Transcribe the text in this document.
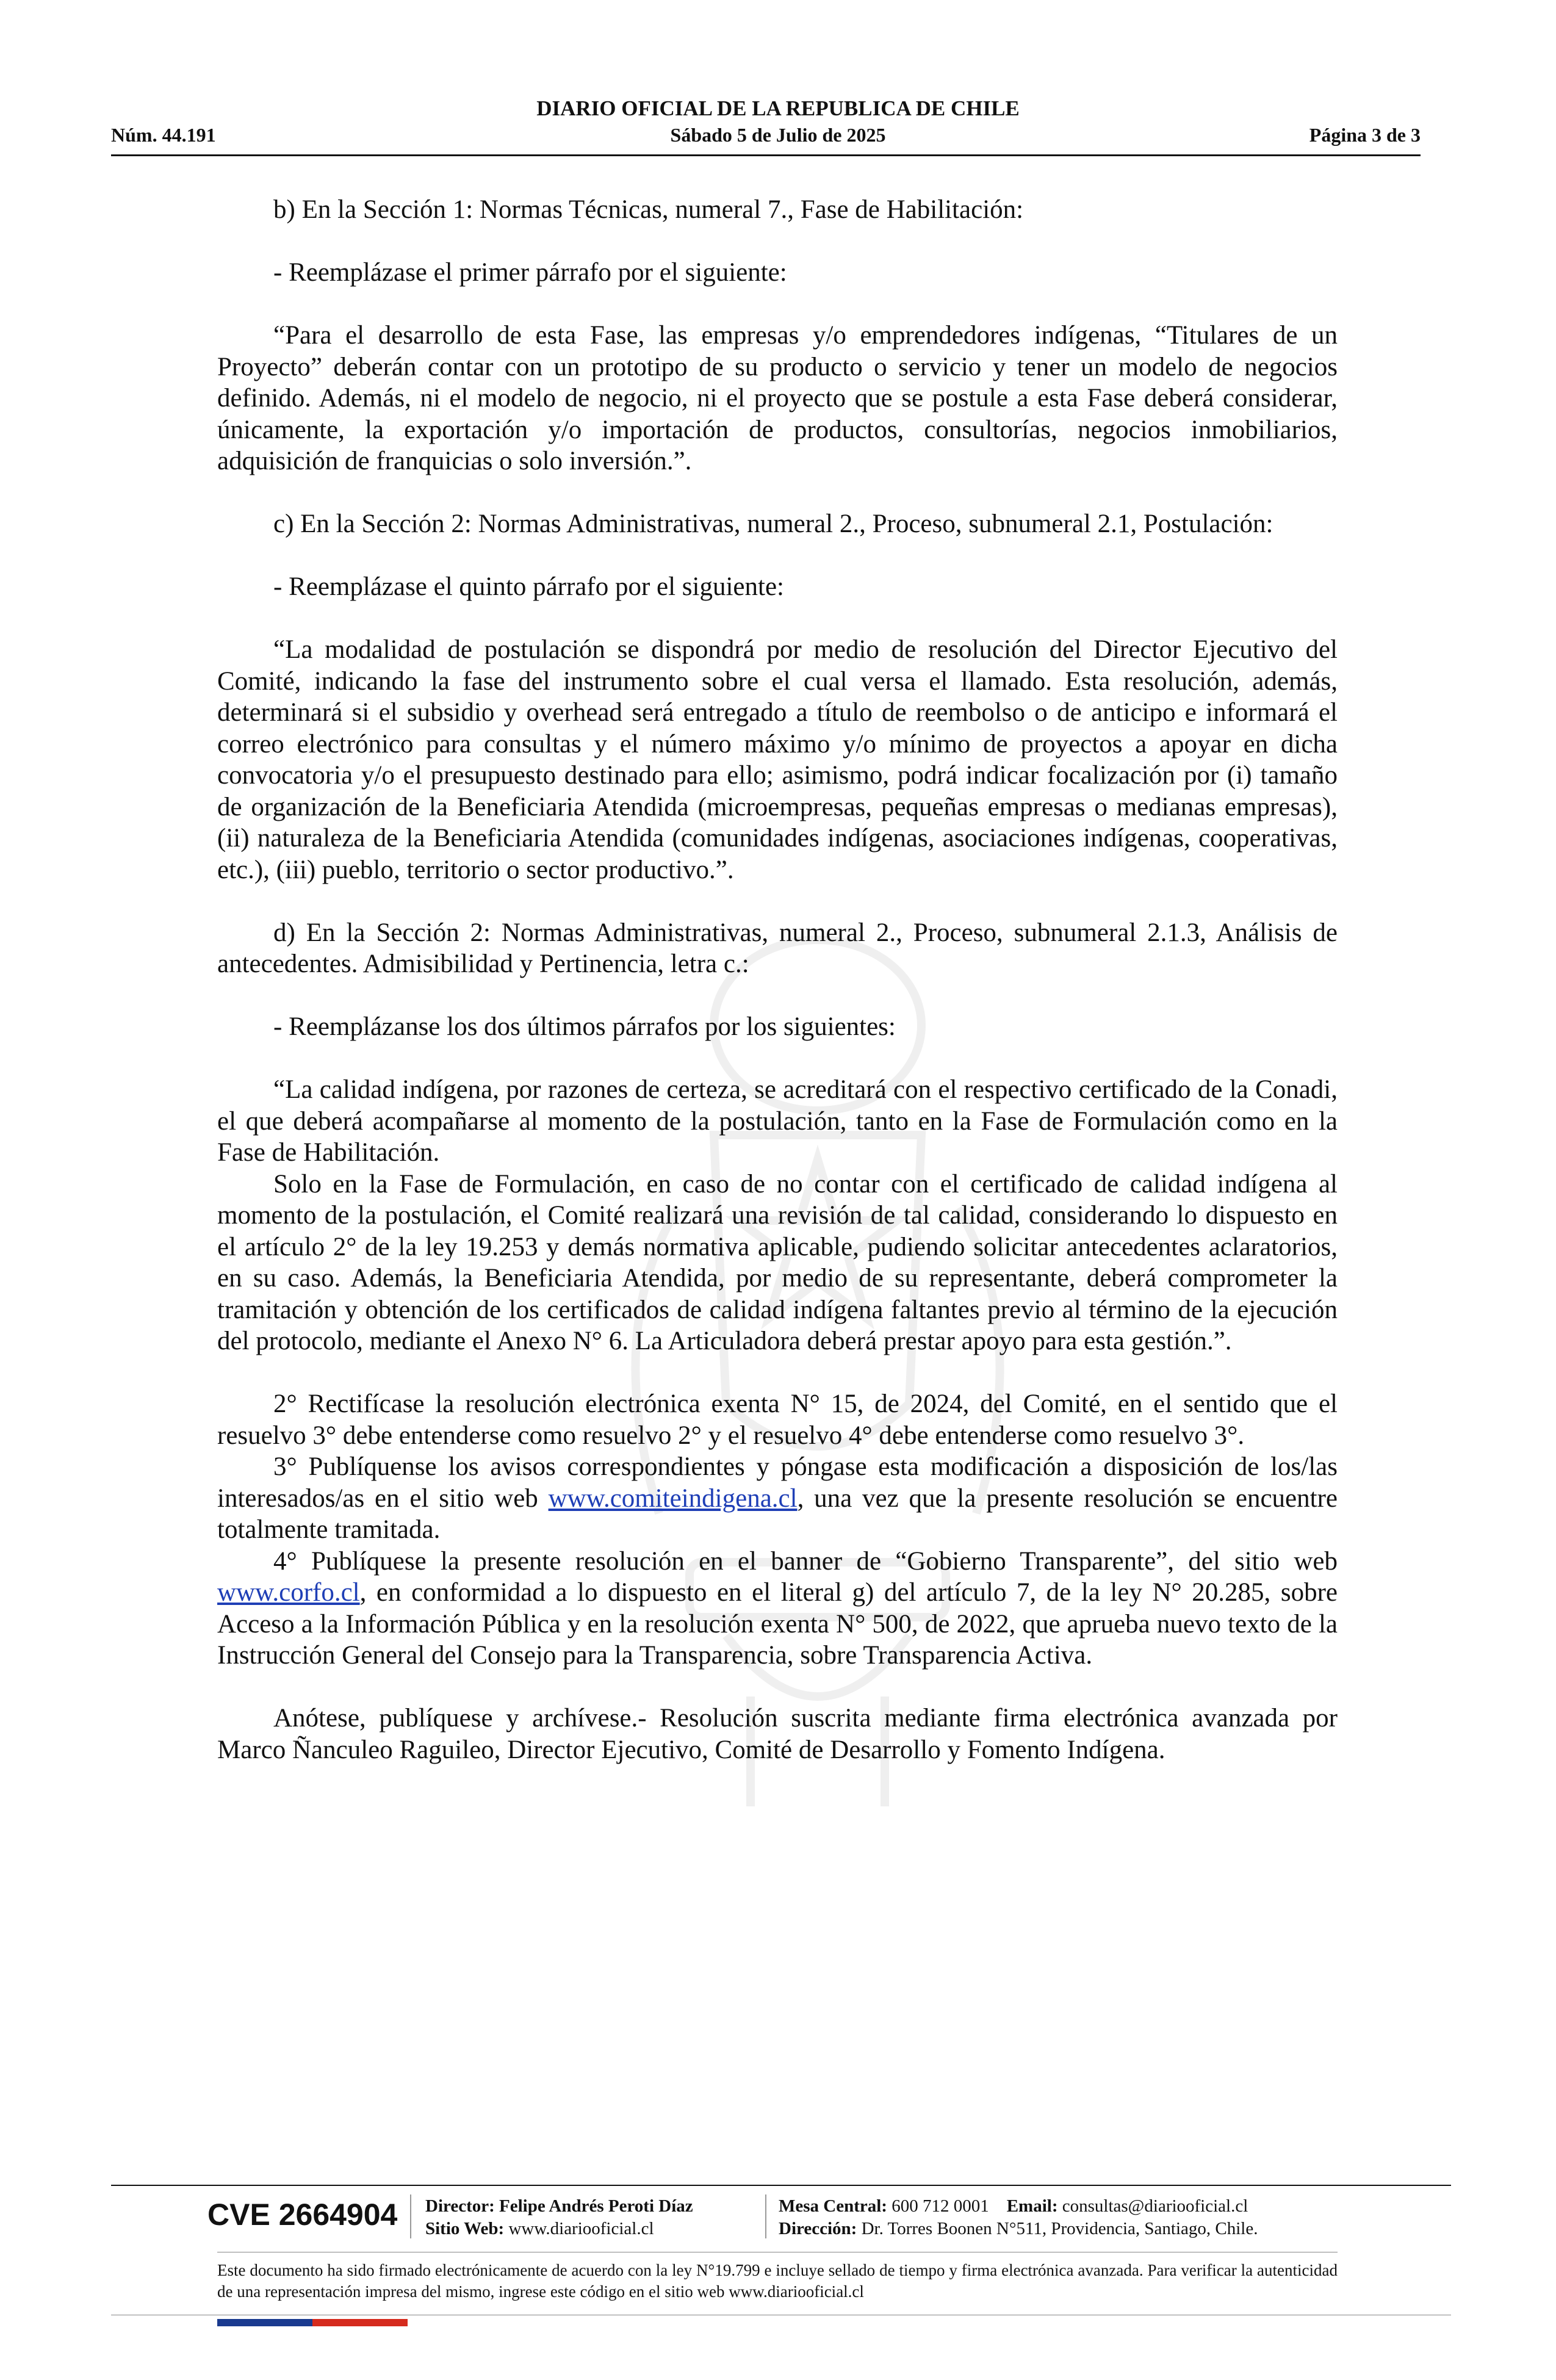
DIARIO OFICIAL DE LA REPUBLICA DE CHILE
Núm. 44.191	Sábado 5 de Julio de 2025	Página 3 de 3

b) En la Sección 1: Normas Técnicas, numeral 7., Fase de Habilitación:

- Reemplázase el primer párrafo por el siguiente:

“Para el desarrollo de esta Fase, las empresas y/o emprendedores indígenas, “Titulares de un Proyecto” deberán contar con un prototipo de su producto o servicio y tener un modelo de negocios definido. Además, ni el modelo de negocio, ni el proyecto que se postule a esta Fase deberá considerar, únicamente, la exportación y/o importación de productos, consultorías, negocios inmobiliarios, adquisición de franquicias o solo inversión.”.

c) En la Sección 2: Normas Administrativas, numeral 2., Proceso, subnumeral 2.1, Postulación:

- Reemplázase el quinto párrafo por el siguiente:

“La modalidad de postulación se dispondrá por medio de resolución del Director Ejecutivo del Comité, indicando la fase del instrumento sobre el cual versa el llamado. Esta resolución, además, determinará si el subsidio y overhead será entregado a título de reembolso o de anticipo e informará el correo electrónico para consultas y el número máximo y/o mínimo de proyectos a apoyar en dicha convocatoria y/o el presupuesto destinado para ello; asimismo, podrá indicar focalización por (i) tamaño de organización de la Beneficiaria Atendida (microempresas, pequeñas empresas o medianas empresas), (ii) naturaleza de la Beneficiaria Atendida (comunidades indígenas, asociaciones indígenas, cooperativas, etc.), (iii) pueblo, territorio o sector productivo.”.

d) En la Sección 2: Normas Administrativas, numeral 2., Proceso, subnumeral 2.1.3, Análisis de antecedentes. Admisibilidad y Pertinencia, letra c.:

- Reemplázanse los dos últimos párrafos por los siguientes:

“La calidad indígena, por razones de certeza, se acreditará con el respectivo certificado de la Conadi, el que deberá acompañarse al momento de la postulación, tanto en la Fase de Formulación como en la Fase de Habilitación.

Solo en la Fase de Formulación, en caso de no contar con el certificado de calidad indígena al momento de la postulación, el Comité realizará una revisión de tal calidad, considerando lo dispuesto en el artículo 2° de la ley 19.253 y demás normativa aplicable, pudiendo solicitar antecedentes aclaratorios, en su caso. Además, la Beneficiaria Atendida, por medio de su representante, deberá comprometer la tramitación y obtención de los certificados de calidad indígena faltantes previo al término de la ejecución del protocolo, mediante el Anexo N° 6. La Articuladora deberá prestar apoyo para esta gestión.”.

2° Rectifícase la resolución electrónica exenta N° 15, de 2024, del Comité, en el sentido que el resuelvo 3° debe entenderse como resuelvo 2° y el resuelvo 4° debe entenderse como resuelvo 3°.

3° Publíquense los avisos correspondientes y póngase esta modificación a disposición de los/las interesados/as en el sitio web www.comiteindigena.cl, una vez que la presente resolución se encuentre totalmente tramitada.

4° Publíquese la presente resolución en el banner de “Gobierno Transparente”, del sitio web www.corfo.cl, en conformidad a lo dispuesto en el literal g) del artículo 7, de la ley N° 20.285, sobre Acceso a la Información Pública y en la resolución exenta N° 500, de 2022, que aprueba nuevo texto de la Instrucción General del Consejo para la Transparencia, sobre Transparencia Activa.

Anótese, publíquese y archívese.- Resolución suscrita mediante firma electrónica avanzada por Marco Ñanculeo Raguileo, Director Ejecutivo, Comité de Desarrollo y Fomento Indígena.

CVE 2664904 Director: Felipe Andrés Peroti Díaz
Sitio Web: www.diariooficial.cl
Mesa Central: 600 712 0001 Email: consultas@diariooficial.cl
Dirección: Dr. Torres Boonen N°511, Providencia, Santiago, Chile.
Este documento ha sido firmado electrónicamente de acuerdo con la ley N°19.799 e incluye sellado de tiempo y firma electrónica avanzada. Para verificar la autenticidad de una representación impresa del mismo, ingrese este código en el sitio web www.diariooficial.cl
